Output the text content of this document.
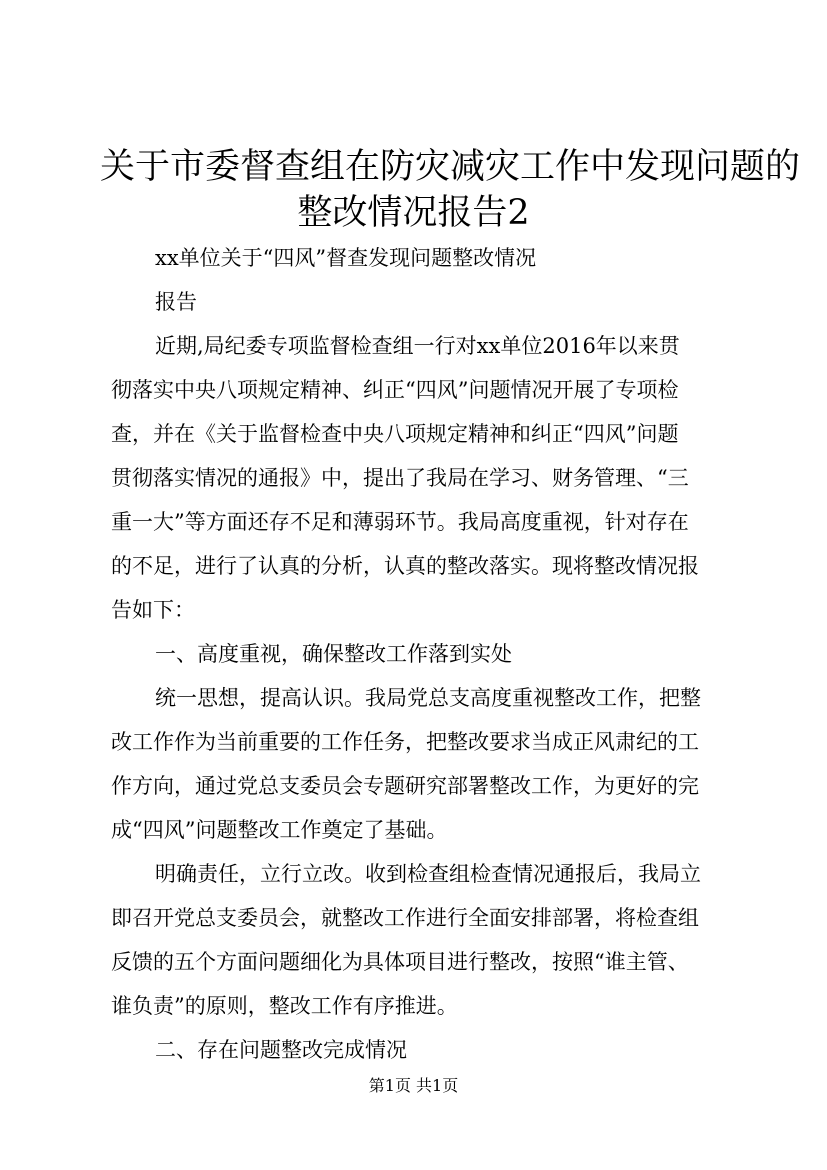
关于市委督查组在防灾减灾工作中发现问题的
整改情况报告2

xx单位关于“四风”督查发现问题整改情况

报告

近期,局纪委专项监督检查组一行对xx单位2016年以来贯

彻落实中央八项规定精神、纠正“四风”问题情况开展了专项检

查，并在《关于监督检查中央八项规定精神和纠正“四风”问题

贯彻落实情况的通报》中，提出了我局在学习、财务管理、“三

重一大”等方面还存不足和薄弱环节。我局高度重视，针对存在

的不足，进行了认真的分析，认真的整改落实。现将整改情况报

告如下：

一、高度重视，确保整改工作落到实处

统一思想，提高认识。我局党总支高度重视整改工作，把整

改工作作为当前重要的工作任务，把整改要求当成正风肃纪的工

作方向，通过党总支委员会专题研究部署整改工作，为更好的完

成“四风”问题整改工作奠定了基础。

明确责任，立行立改。收到检查组检查情况通报后，我局立

即召开党总支委员会，就整改工作进行全面安排部署，将检查组

反馈的五个方面问题细化为具体项目进行整改，按照“谁主管、

谁负责”的原则，整改工作有序推进。

二、存在问题整改完成情况

第1页 共1页
